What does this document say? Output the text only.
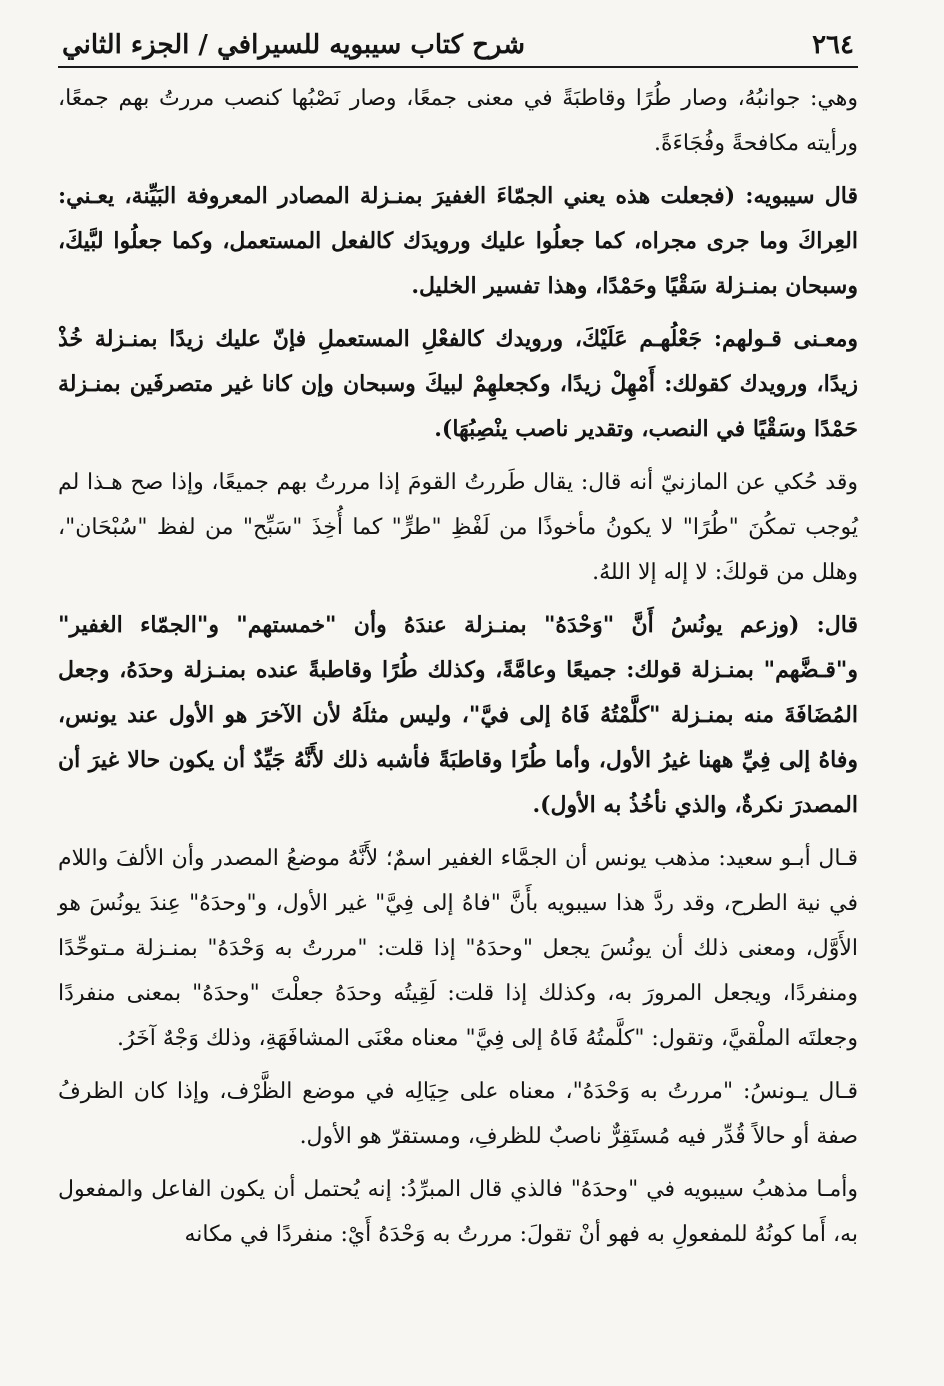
٢٦٤
شرح كتاب سيبويه للسيرافي / الجزء الثاني

وهي: جوانبُهُ، وصار طُرًا وقاطبَةً في معنى جمعًا، وصار نَصْبُها كنصب مررتُ بهم جمعًا، ورأيته مكافحةً وفُجَاءَةً.

قال سيبويه: (فجعلت هذه يعني الجمّاءَ الغفيرَ بمنـزلة المصادر المعروفة البَيِّنة، يعـني: العِراكَ وما جرى مجراه، كما جعلُوا عليك ورويدَك كالفعل المستعمل، وكما جعلُوا لبَّيكَ، وسبحان بمنـزلة سَقْيًا وحَمْدًا، وهذا تفسير الخليل.

ومعـنى قـولهم: جَعْلُهـم عَلَيْكَ، ورويدك كالفعْلِ المستعملِ فإنّ عليك زيدًا بمنـزلة خُذْ زيدًا، ورويدك كقولك: أَمْهِلْ زيدًا، وكجعلهِمْ لبيكَ وسبحان وإن كانا غير متصرفَين بمنـزلة حَمْدًا وسَقْيًا في النصب، وتقدير ناصب ينْصِبُهَا).

وقد حُكي عن المازنيّ أنه قال: يقال طَررتُ القومَ إذا مررتُ بهم جميعًا، وإذا صح هـذا لم يُوجب تمكُنَ "طُرًا" لا يكونُ مأخوذًا من لَفْظِ "طرٍّ" كما أُخِذَ "سَبِّح" من لفظ "سُبْحَان"، وهلل من قولكَ: لا إله إلا اللهُ.

قال: (وزعم يونُسُ أَنَّ "وَحْدَهُ" بمنـزلة عندَهُ وأن "خمستهم" و"الجمّاء الغفير" و"قـضَّهم" بمنـزلة قولك: جميعًا وعامَّةً، وكذلك طُرًا وقاطبةً عنده بمنـزلة وحدَهُ، وجعل المُضَافَةَ منه بمنـزلة "كلَّمْتُهُ فَاهُ إلى فيَّ"، وليس مثلَهُ لأن الآخرَ هو الأول عند يونس، وفاهُ إلى فِيِّ ههنا غيرُ الأول، وأما طُرًا وقاطبَةً فأشبه ذلك لأَنَّهُ جَيِّدٌ أن يكون حالا غيرَ أن المصدرَ نكرةٌ، والذي نأخُذُ به الأول).

قـال أبـو سعيد: مذهب يونس أن الجمَّاء الغفير اسمٌ؛ لأَنَّهُ موضعُ المصدر وأن الألفَ واللام في نية الطرح، وقد ردَّ هذا سيبويه بأَنَّ "فاهُ إلى فِيَّ" غير الأول، و"وحدَهُ" عِندَ يونُسَ هو الأَوَّل، ومعنى ذلك أن يونُسَ يجعل "وحدَهُ" إذا قلت: "مررتُ به وَحْدَهُ" بمنـزلة مـتوحِّدًا ومنفردًا، ويجعل المرورَ به، وكذلك إذا قلت: لَقِيتُه وحدَهُ جعلْتَ "وحدَهُ" بمعنى منفردًا وجعلتَه الملْقيَّ، وتقول: "كلَّمتُهُ فَاهُ إلى فِيَّ" معناه معْنَى المشافَهَةِ، وذلك وَجْهٌ آخَرُ.

قـال يـونسُ: "مررتُ به وَحْدَهُ"، معناه على حِيَالِه في موضع الظَّرْف، وإذا كان الظرفُ صفة أو حالاً قُدِّر فيه مُستَقِرٌّ ناصبٌ للظرفِ، ومستقرّ هو الأول.

وأمـا مذهبُ سيبويه في "وحدَهُ" فالذي قال المبرِّدُ: إنه يُحتمل أن يكون الفاعل والمفعول به، أَما كونُهُ للمفعولِ به فهو أنْ تقولَ: مررتُ به وَحْدَهُ أَيْ: منفردًا في مكانه
